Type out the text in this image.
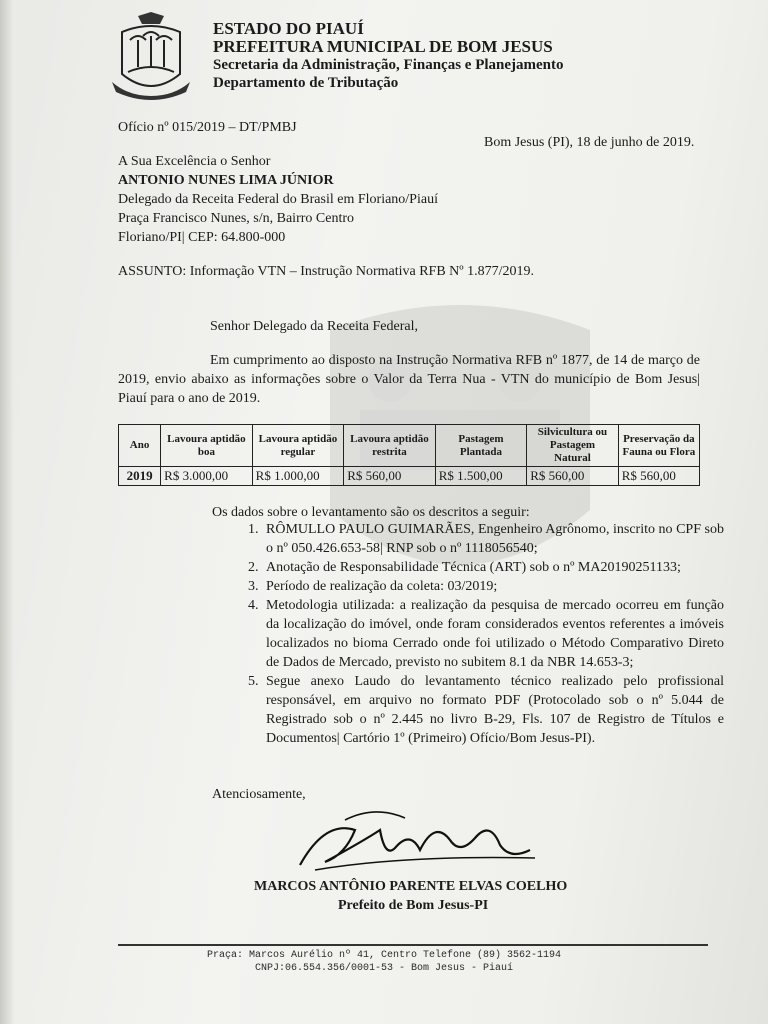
ESTADO DO PIAUÍ
PREFEITURA MUNICIPAL DE BOM JESUS
Secretaria da Administração, Finanças e Planejamento
Departamento de Tributação
Ofício nº 015/2019 – DT/PMBJ
Bom Jesus (PI), 18 de junho de 2019.
A Sua Excelência o Senhor
ANTONIO NUNES LIMA JÚNIOR
Delegado da Receita Federal do Brasil em Floriano/Piauí
Praça Francisco Nunes, s/n, Bairro Centro
Floriano/PI| CEP: 64.800-000
ASSUNTO: Informação VTN – Instrução Normativa RFB Nº 1.877/2019.
Senhor Delegado da Receita Federal,
Em cumprimento ao disposto na Instrução Normativa RFB nº 1877, de 14 de março de 2019, envio abaixo as informações sobre o Valor da Terra Nua - VTN do município de Bom Jesus| Piauí para o ano de 2019.
Ano	Lavoura aptidão boa	Lavoura aptidão regular	Lavoura aptidão restrita	Pastagem Plantada	Silvicultura ou Pastagem Natural	Preservação da Fauna ou Flora
2019	R$ 3.000,00	R$ 1.000,00	R$ 560,00	R$ 1.500,00	R$ 560,00	R$ 560,00
Os dados sobre o levantamento são os descritos a seguir:
1. RÔMULLO PAULO GUIMARÃES, Engenheiro Agrônomo, inscrito no CPF sob o nº 050.426.653-58| RNP sob o nº 1118056540;
2. Anotação de Responsabilidade Técnica (ART) sob o nº MA20190251133;
3. Período de realização da coleta: 03/2019;
4. Metodologia utilizada: a realização da pesquisa de mercado ocorreu em função da localização do imóvel, onde foram considerados eventos referentes a imóveis localizados no bioma Cerrado onde foi utilizado o Método Comparativo Direto de Dados de Mercado, previsto no subitem 8.1 da NBR 14.653-3;
5. Segue anexo Laudo do levantamento técnico realizado pelo profissional responsável, em arquivo no formato PDF (Protocolado sob o nº 5.044 de Registrado sob o nº 2.445 no livro B-29, Fls. 107 de Registro de Títulos e Documentos| Cartório 1º (Primeiro) Ofício/Bom Jesus-PI).
Atenciosamente,
MARCOS ANTÔNIO PARENTE ELVAS COELHO
Prefeito de Bom Jesus-PI
Praça: Marcos Aurélio nº 41, Centro Telefone (89) 3562-1194
CNPJ:06.554.356/0001-53 - Bom Jesus - Piauí
